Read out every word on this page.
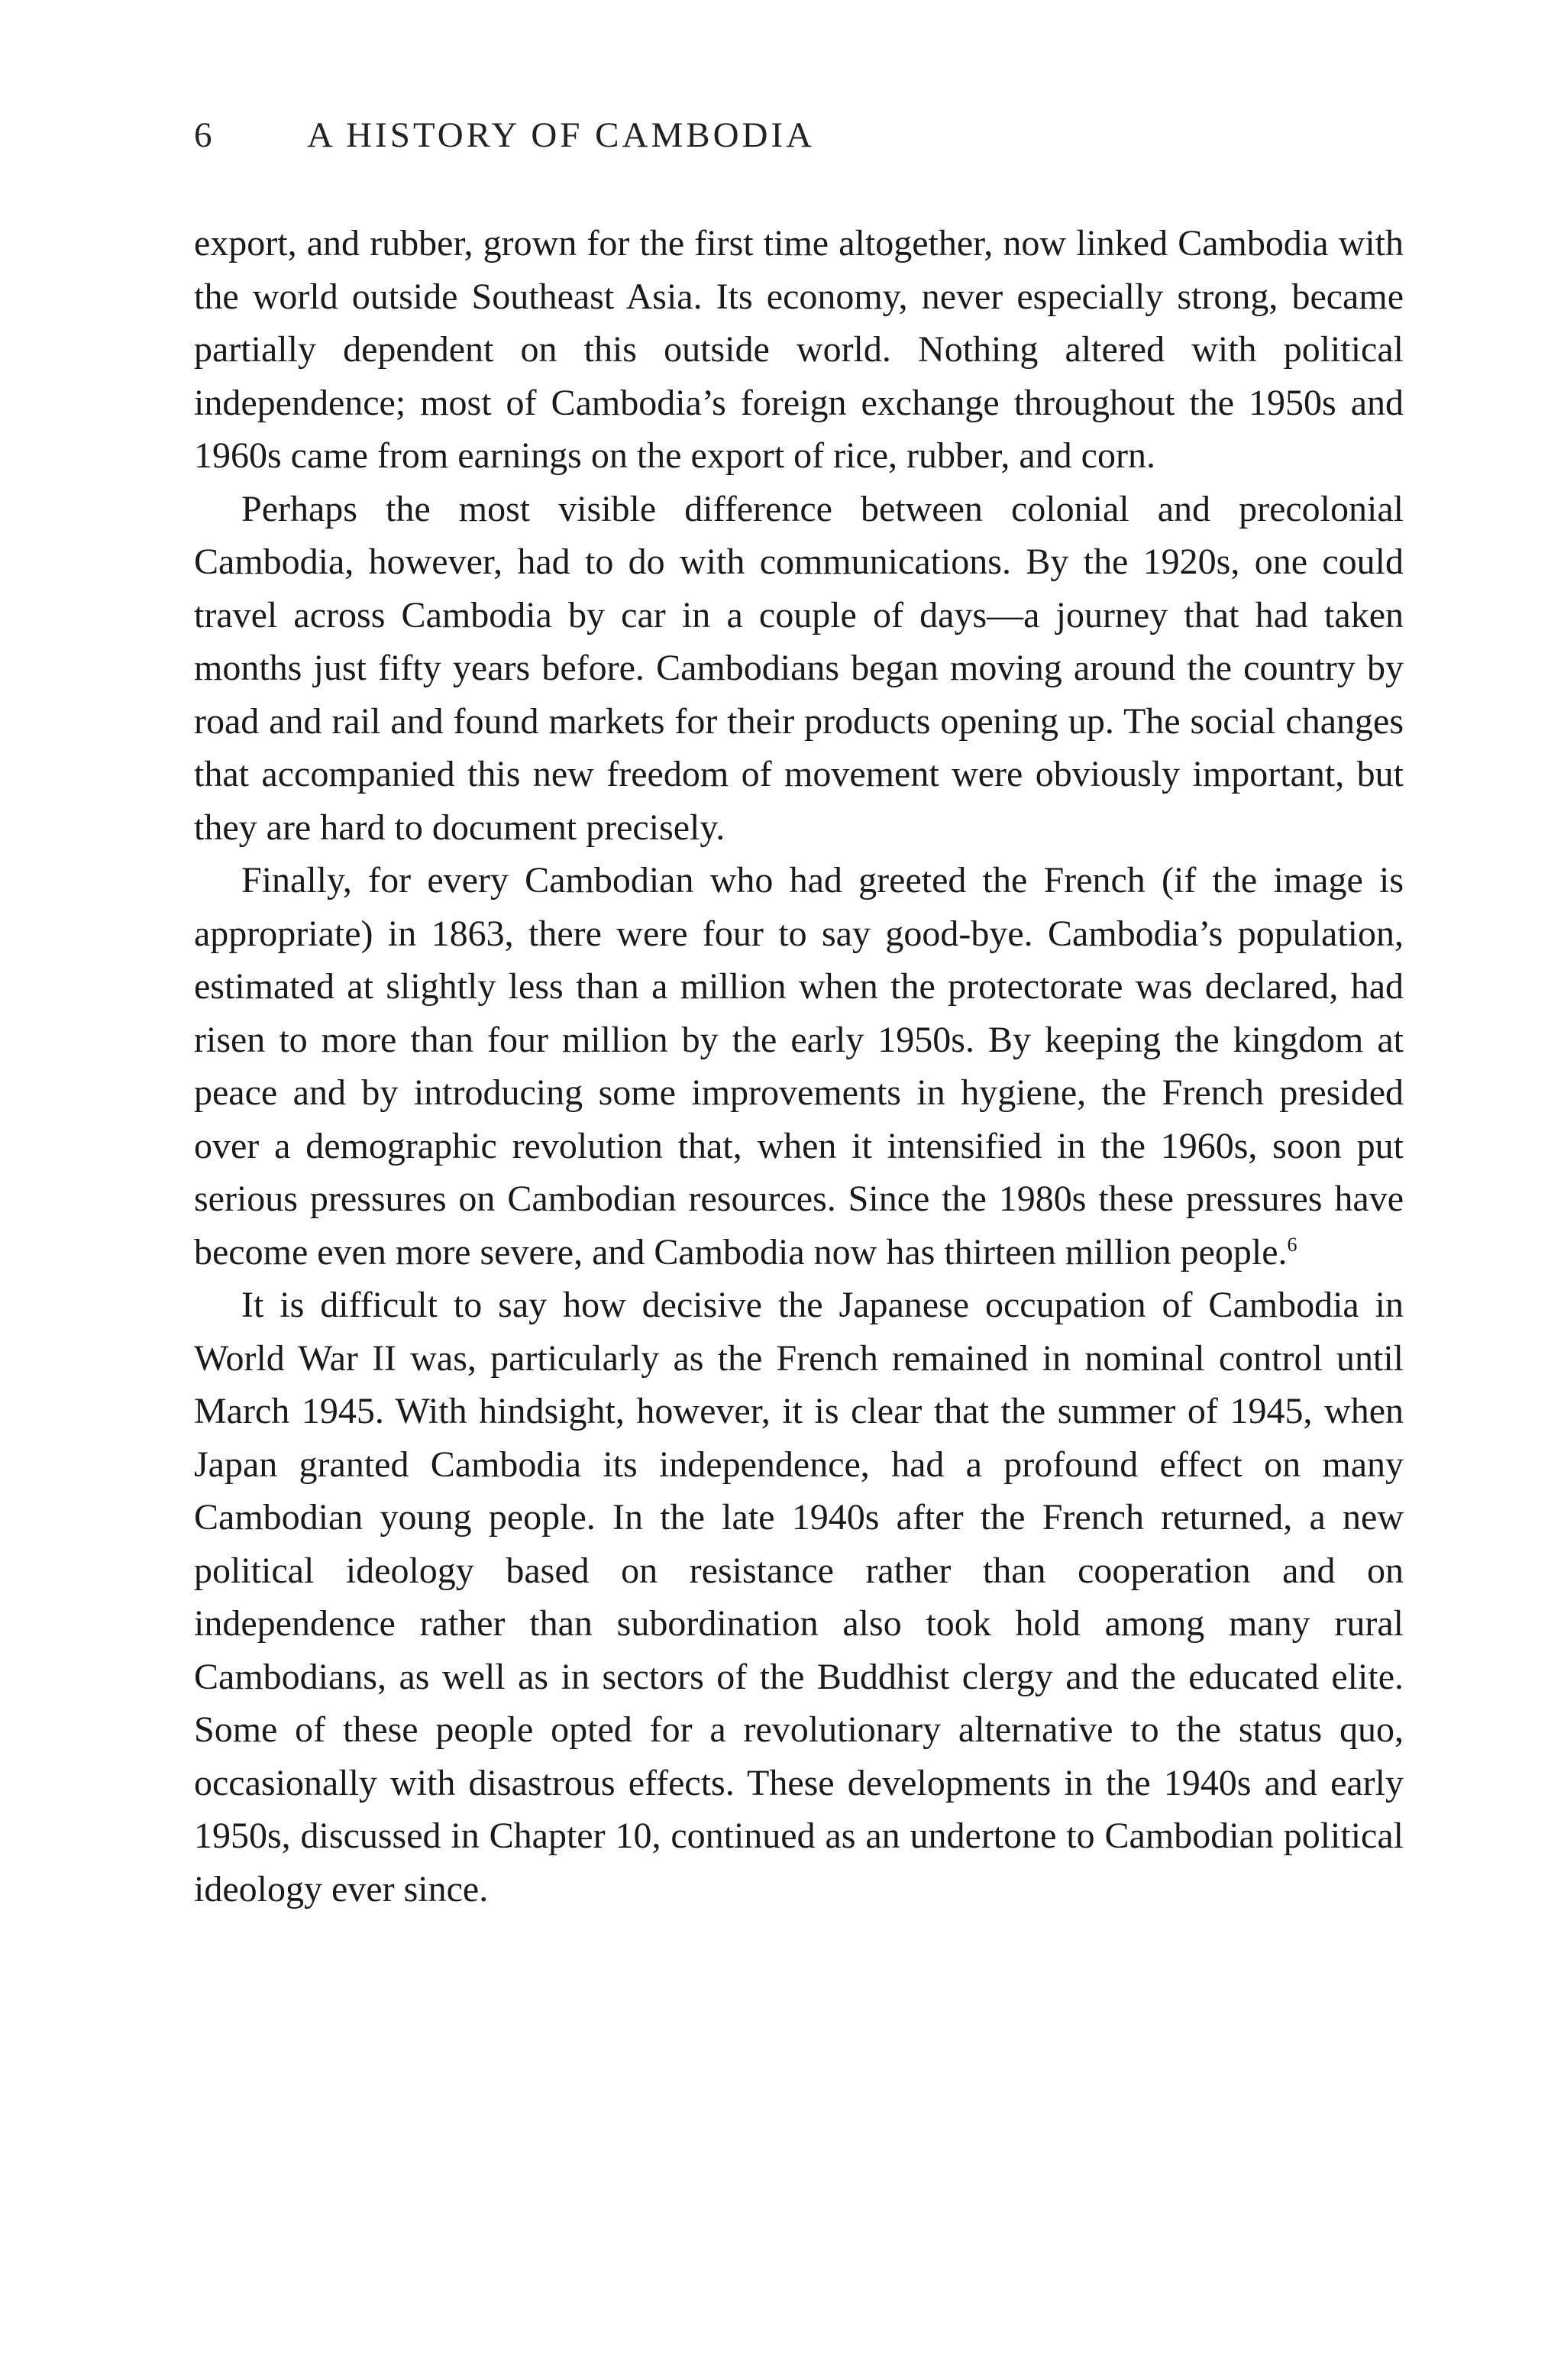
6	A HISTORY OF CAMBODIA

export, and rubber, grown for the first time altogether, now linked Cambodia with the world outside Southeast Asia. Its economy, never especially strong, became partially dependent on this outside world. Nothing altered with political independence; most of Cambodia’s foreign exchange throughout the 1950s and 1960s came from earnings on the export of rice, rubber, and corn.

Perhaps the most visible difference between colonial and precolonial Cambodia, however, had to do with communications. By the 1920s, one could travel across Cambodia by car in a couple of days—a journey that had taken months just fifty years before. Cambodians began moving around the country by road and rail and found markets for their products opening up. The social changes that accompanied this new freedom of movement were obviously important, but they are hard to document precisely.

Finally, for every Cambodian who had greeted the French (if the image is appropriate) in 1863, there were four to say good-bye. Cambodia’s population, estimated at slightly less than a million when the protectorate was declared, had risen to more than four million by the early 1950s. By keeping the kingdom at peace and by introducing some improvements in hygiene, the French presided over a demographic revolution that, when it intensified in the 1960s, soon put serious pressures on Cambodian resources. Since the 1980s these pressures have become even more severe, and Cambodia now has thirteen million people.$^6$

It is difficult to say how decisive the Japanese occupation of Cambodia in World War II was, particularly as the French remained in nominal control until March 1945. With hindsight, however, it is clear that the summer of 1945, when Japan granted Cambodia its independence, had a profound effect on many Cambodian young people. In the late 1940s after the French returned, a new political ideology based on resistance rather than cooperation and on independence rather than subordination also took hold among many rural Cambodians, as well as in sectors of the Buddhist clergy and the educated elite. Some of these people opted for a revolutionary alternative to the status quo, occasionally with disastrous effects. These developments in the 1940s and early 1950s, discussed in Chapter 10, continued as an undertone to Cambodian political ideology ever since.
